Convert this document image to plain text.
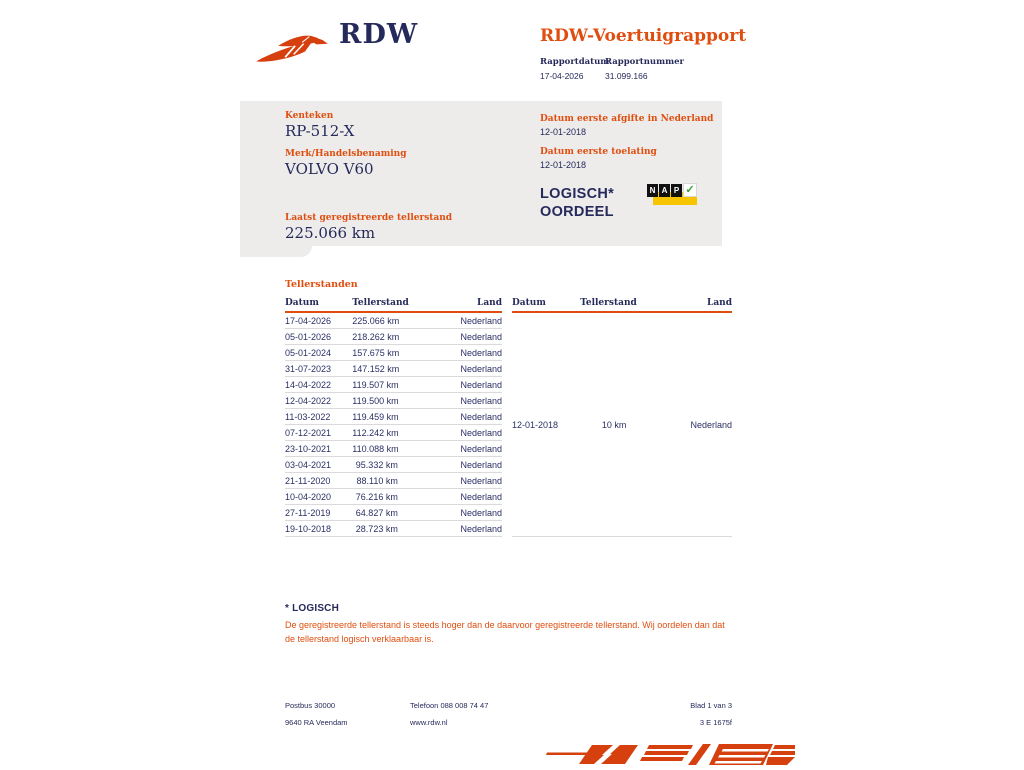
RDW	RDW-Voertuigrapport
Rapportdatum
17-04-2026
Rapportnummer
31.099.166
Kenteken
RP-512-X
Merk/Handelsbenaming
VOLVO V60
Laatst geregistreerde tellerstand
225.066 km
Datum eerste afgifte in Nederland
12-01-2018
Datum eerste toelating
12-01-2018
LOGISCH*
OORDEEL
N A P ✓
Tellerstanden
Datum	Tellerstand	Land
17-04-2026	225.066 km	Nederland
05-01-2026	218.262 km	Nederland
05-01-2024	157.675 km	Nederland
31-07-2023	147.152 km	Nederland
14-04-2022	119.507 km	Nederland
12-04-2022	119.500 km	Nederland
11-03-2022	119.459 km	Nederland
07-12-2021	112.242 km	Nederland
23-10-2021	110.088 km	Nederland
03-04-2021	95.332 km	Nederland
21-11-2020	88.110 km	Nederland
10-04-2020	76.216 km	Nederland
27-11-2019	64.827 km	Nederland
19-10-2018	28.723 km	Nederland
Datum	Tellerstand	Land
12-01-2018	10 km	Nederland
* LOGISCH
De geregistreerde tellerstand is steeds hoger dan de daarvoor geregistreerde tellerstand. Wij oordelen dan dat de tellerstand logisch verklaarbaar is.
Postbus 30000	Telefoon 088 008 74 47	Blad 1 van 3
9640 RA Veendam	www.rdw.nl	3 E 1675f
